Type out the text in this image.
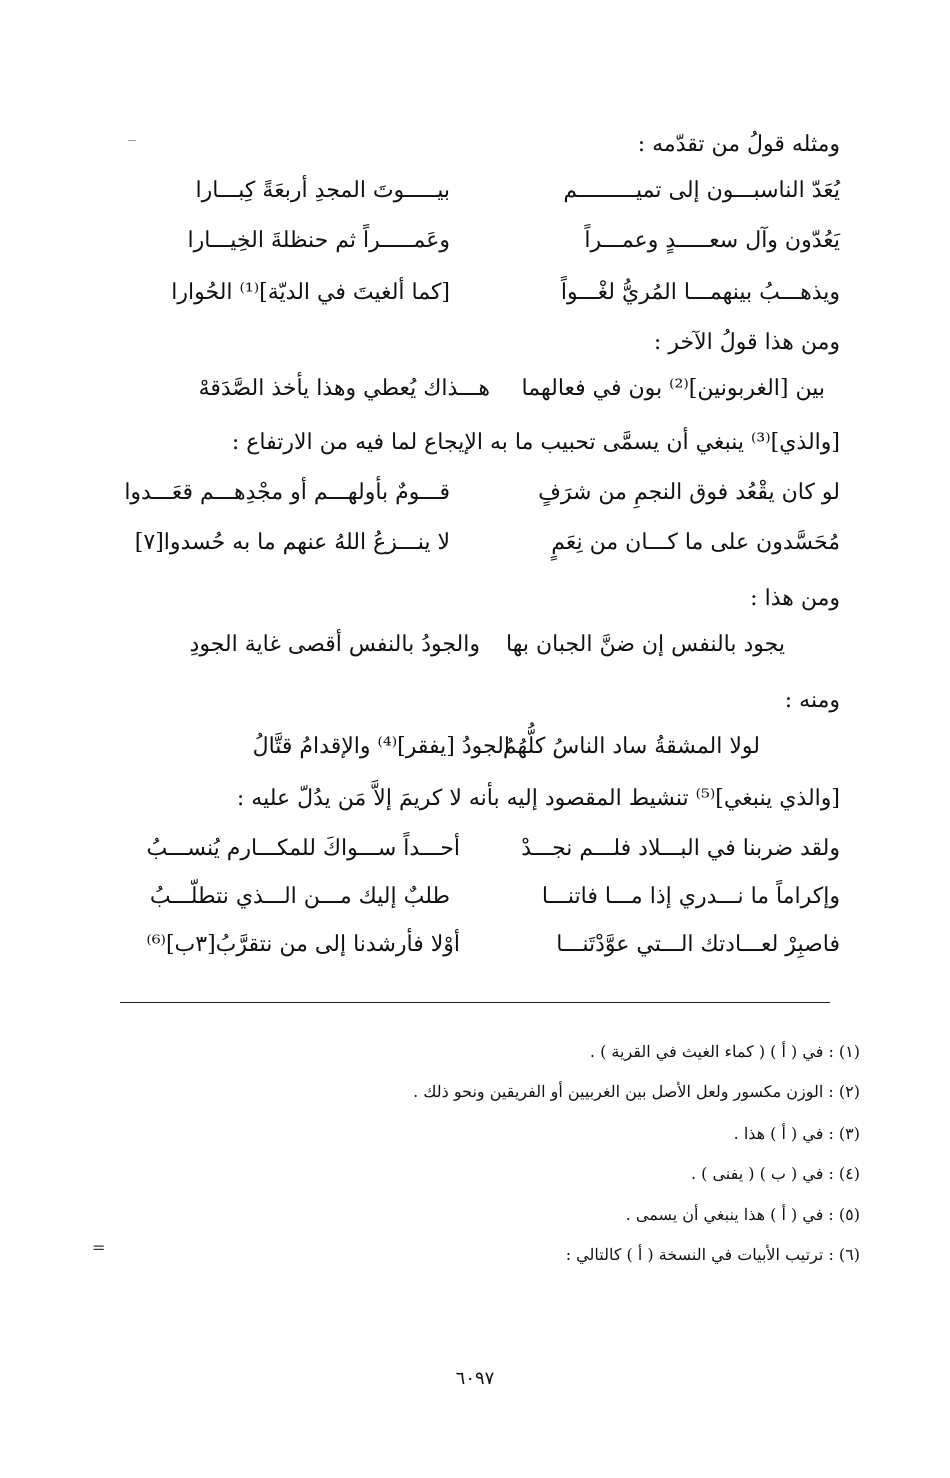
ومثله قولُ من تقدّمه :
يُعَدّ الناسبـــون إلى تميـــــــــم
بيـــــوتَ المجدِ أربعَةً كِبـــارا
يَعُدّون وآل سعـــــدٍ وعمـــراً
وعَمـــــراً ثم حنظلةَ الخِيـــارا
ويذهـــبُ بينهمـــا المُريُّ لغْـــواً
[كما ألغيتَ في الديّة]⁽¹⁾ الحُوارا
ومن هذا قولُ الآخر :
بين [الغربونين]⁽²⁾ بون في فعالهما
هـــذاك يُعطي وهذا يأخذ الصَّدَقهْ
[والذي]⁽³⁾ ينبغي أن يسمَّى تحبيب ما به الإيجاع لما فيه من الارتفاع :
لو كان يقْعُد فوق النجمِ من شرَفٍ
قـــومٌ بأولهـــم أو مجْدِهـــم قعَـــدوا
مُحَسَّدون على ما كـــان من نِعَمٍ
لا ينـــزعُ اللهُ عنهم ما به حُسدوا[٧]
ومن هذا :
يجود بالنفس إن ضنَّ الجبان بها
والجودُ بالنفس أقصى غاية الجودِ
ومنه :
لولا المشقةُ ساد الناسُ كلُّهُمُ
الجودُ [يفقر]⁽⁴⁾ والإقدامُ قتَّالُ
[والذي ينبغي]⁽⁵⁾ تنشيط المقصود إليه بأنه لا كريمَ إلاَّ مَن يدُلّ عليه :
ولقد ضربنا في البـــلاد فلـــم نجـــدْ
أحـــداً ســـواكَ للمكـــارم يُنســـبُ
وإكراماً ما نـــدري إذا مـــا فاتنـــا
طلبٌ إليك مـــن الـــذي نتطلّـــبُ
فاصبِرْ لعـــادتك الـــتي عوَّدْتَنـــا
أوْلا فأرشدنا إلى من نتقرَّبُ[٣ب]⁽⁶⁾
(١) : في ( أ ) ( كماء الغيث في القرية ) .
(٢) : الوزن مكسور ولعل الأصل بين الغربيين أو الفريقين ونحو ذلك .
(٣) : في ( أ ) هذا .
(٤) : في ( ب ) ( يفنى ) .
(٥) : في ( أ ) هذا ينبغي أن يسمى .
(٦) : ترتيب الأبيات في النسخة ( أ ) كالتالي :
=
٦٠٩٧
